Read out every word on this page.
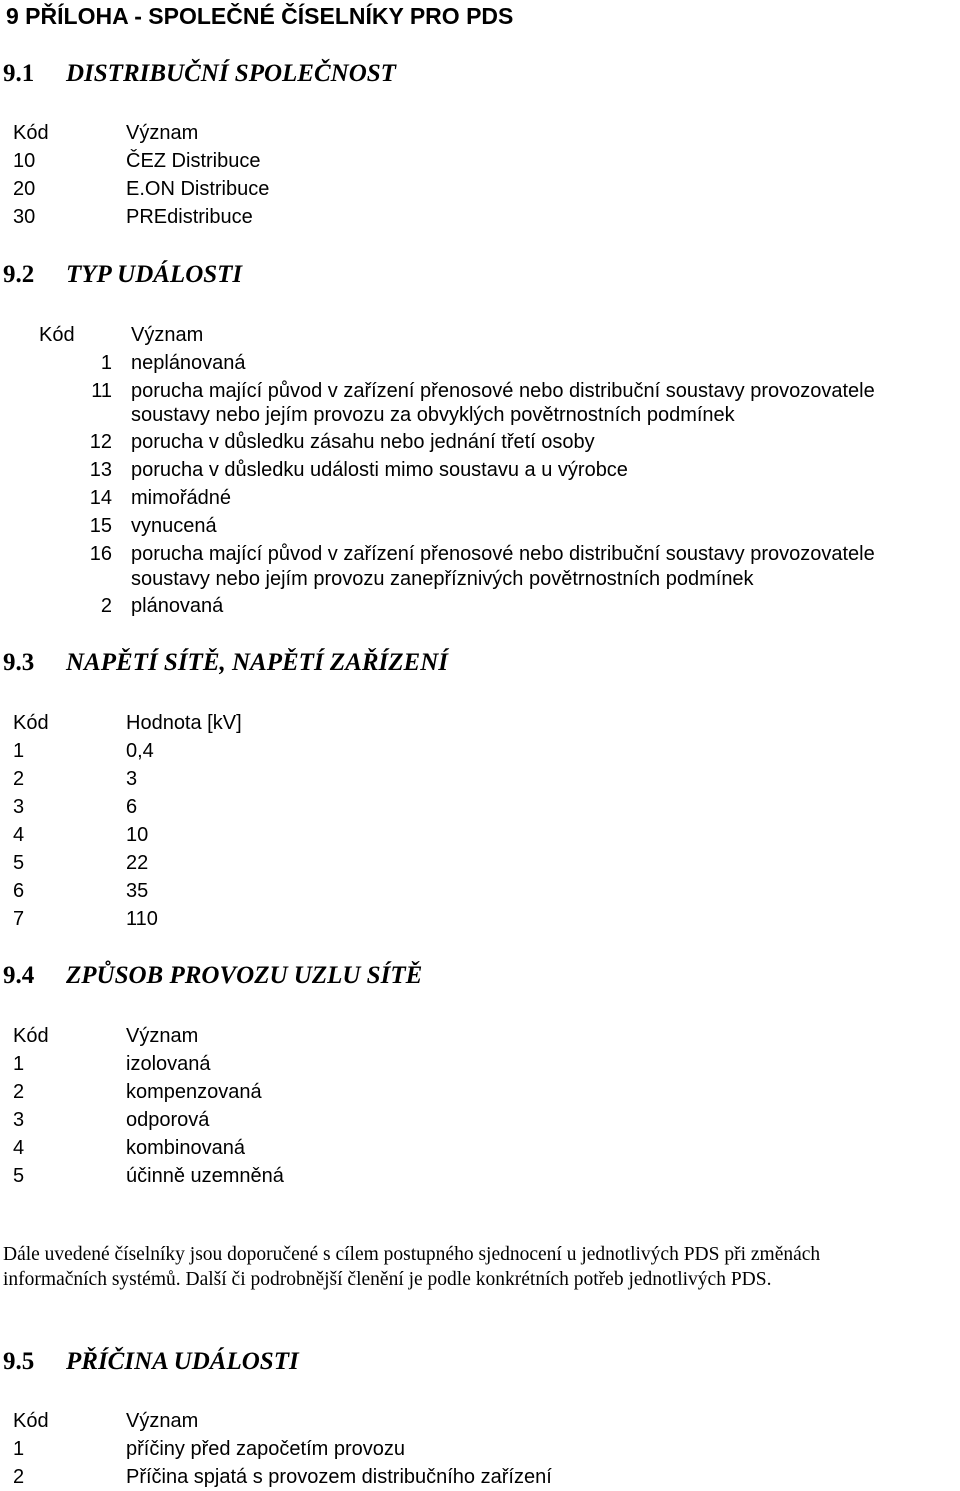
9 PŘÍLOHA - SPOLEČNÉ ČÍSELNÍKY PRO PDS
9.1 DISTRIBUČNÍ SPOLEČNOST
Kód	Význam
10	ČEZ Distribuce
20	E.ON Distribuce
30	PREdistribuce
9.2 TYP UDÁLOSTI
Kód	Význam
1 neplánovaná
11 porucha mající původ v zařízení přenosové nebo distribuční soustavy provozovatele
soustavy nebo jejím provozu za obvyklých povětrnostních podmínek
12 porucha v důsledku zásahu nebo jednání třetí osoby
13 porucha v důsledku události mimo soustavu a u výrobce
14 mimořádné
15 vynucená
16 porucha mající původ v zařízení přenosové nebo distribuční soustavy provozovatele
soustavy nebo jejím provozu zanepříznivých povětrnostních podmínek
2 plánovaná
9.3 NAPĚTÍ SÍTĚ, NAPĚTÍ ZAŘÍZENÍ
Kód	Hodnota [kV]
1	0,4
2	3
3	6
4	10
5	22
6	35
7	110
9.4 ZPŮSOB PROVOZU UZLU SÍTĚ
Kód	Význam
1	izolovaná
2	kompenzovaná
3	odporová
4	kombinovaná
5	účinně uzemněná
Dále uvedené číselníky jsou doporučené s cílem postupného sjednocení u jednotlivých PDS při změnách
informačních systémů. Další či podrobnější členění je podle konkrétních potřeb jednotlivých PDS.
9.5 PŘÍČINA UDÁLOSTI
Kód	Význam
1	příčiny před započetím provozu
2	Příčina spjatá s provozem distribučního zařízení
